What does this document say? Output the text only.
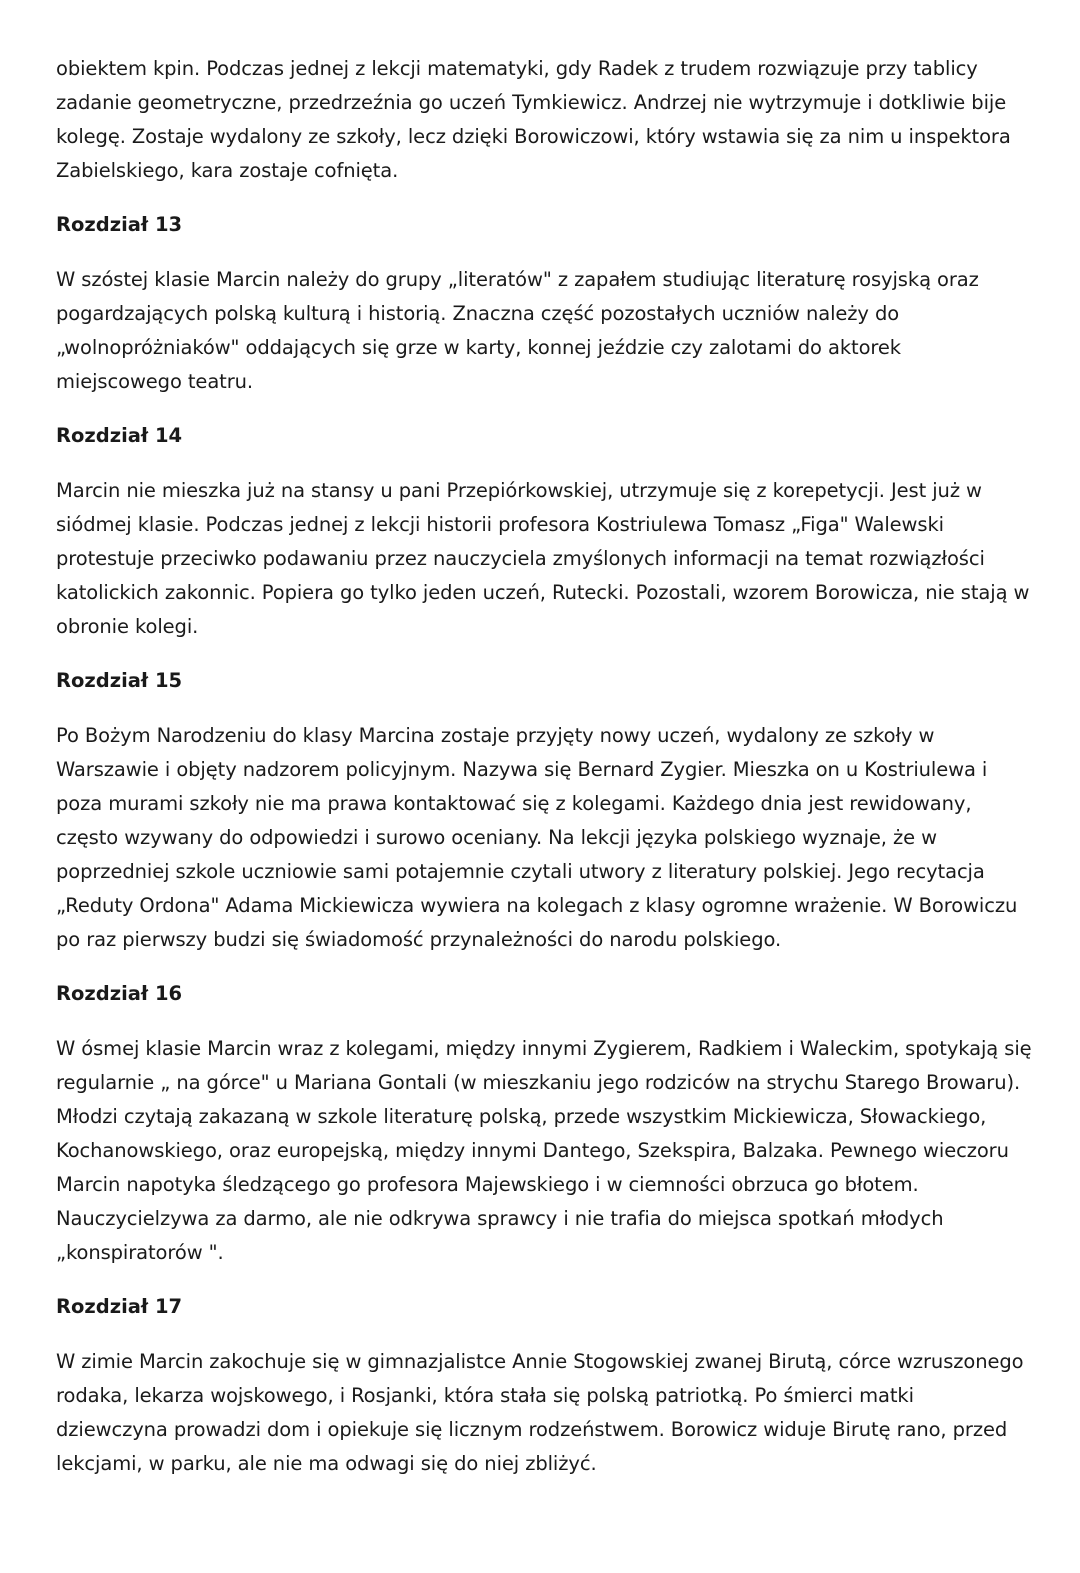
obiektem kpin. Podczas jednej z lekcji matematyki, gdy Radek z trudem rozwiązuje przy tablicy
zadanie geometryczne, przedrzeźnia go uczeń Tymkiewicz. Andrzej nie wytrzymuje i dotkliwie bije
kolegę. Zostaje wydalony ze szkoły, lecz dzięki Borowiczowi, który wstawia się za nim u inspektora
Zabielskiego, kara zostaje cofnięta.
Rozdział 13
W szóstej klasie Marcin należy do grupy „literatów" z zapałem studiując literaturę rosyjską oraz
pogardzających polską kulturą i historią. Znaczna część pozostałych uczniów należy do
„wolnopróżniaków" oddających się grze w karty, konnej jeździe czy zalotami do aktorek
miejscowego teatru.
Rozdział 14
Marcin nie mieszka już na stansy u pani Przepiórkowskiej, utrzymuje się z korepetycji. Jest już w
siódmej klasie. Podczas jednej z lekcji historii profesora Kostriulewa Tomasz „Figa" Walewski
protestuje przeciwko podawaniu przez nauczyciela zmyślonych informacji na temat rozwiązłości
katolickich zakonnic. Popiera go tylko jeden uczeń, Rutecki. Pozostali, wzorem Borowicza, nie stają w
obronie kolegi.
Rozdział 15
Po Bożym Narodzeniu do klasy Marcina zostaje przyjęty nowy uczeń, wydalony ze szkoły w
Warszawie i objęty nadzorem policyjnym. Nazywa się Bernard Zygier. Mieszka on u Kostriulewa i
poza murami szkoły nie ma prawa kontaktować się z kolegami. Każdego dnia jest rewidowany,
często wzywany do odpowiedzi i surowo oceniany. Na lekcji języka polskiego wyznaje, że w
poprzedniej szkole uczniowie sami potajemnie czytali utwory z literatury polskiej. Jego recytacja
„Reduty Ordona" Adama Mickiewicza wywiera na kolegach z klasy ogromne wrażenie. W Borowiczu
po raz pierwszy budzi się świadomość przynależności do narodu polskiego.
Rozdział 16
W ósmej klasie Marcin wraz z kolegami, między innymi Zygierem, Radkiem i Waleckim, spotykają się
regularnie „ na górce" u Mariana Gontali (w mieszkaniu jego rodziców na strychu Starego Browaru).
Młodzi czytają zakazaną w szkole literaturę polską, przede wszystkim Mickiewicza, Słowackiego,
Kochanowskiego, oraz europejską, między innymi Dantego, Szekspira, Balzaka. Pewnego wieczoru
Marcin napotyka śledzącego go profesora Majewskiego i w ciemności obrzuca go błotem.
Nauczycielzywa za darmo, ale nie odkrywa sprawcy i nie trafia do miejsca spotkań młodych
„konspiratorów ".
Rozdział 17
W zimie Marcin zakochuje się w gimnazjalistce Annie Stogowskiej zwanej Birutą, córce wzruszonego
rodaka, lekarza wojskowego, i Rosjanki, która stała się polską patriotką. Po śmierci matki
dziewczyna prowadzi dom i opiekuje się licznym rodzeństwem. Borowicz widuje Birutę rano, przed
lekcjami, w parku, ale nie ma odwagi się do niej zbliżyć.
